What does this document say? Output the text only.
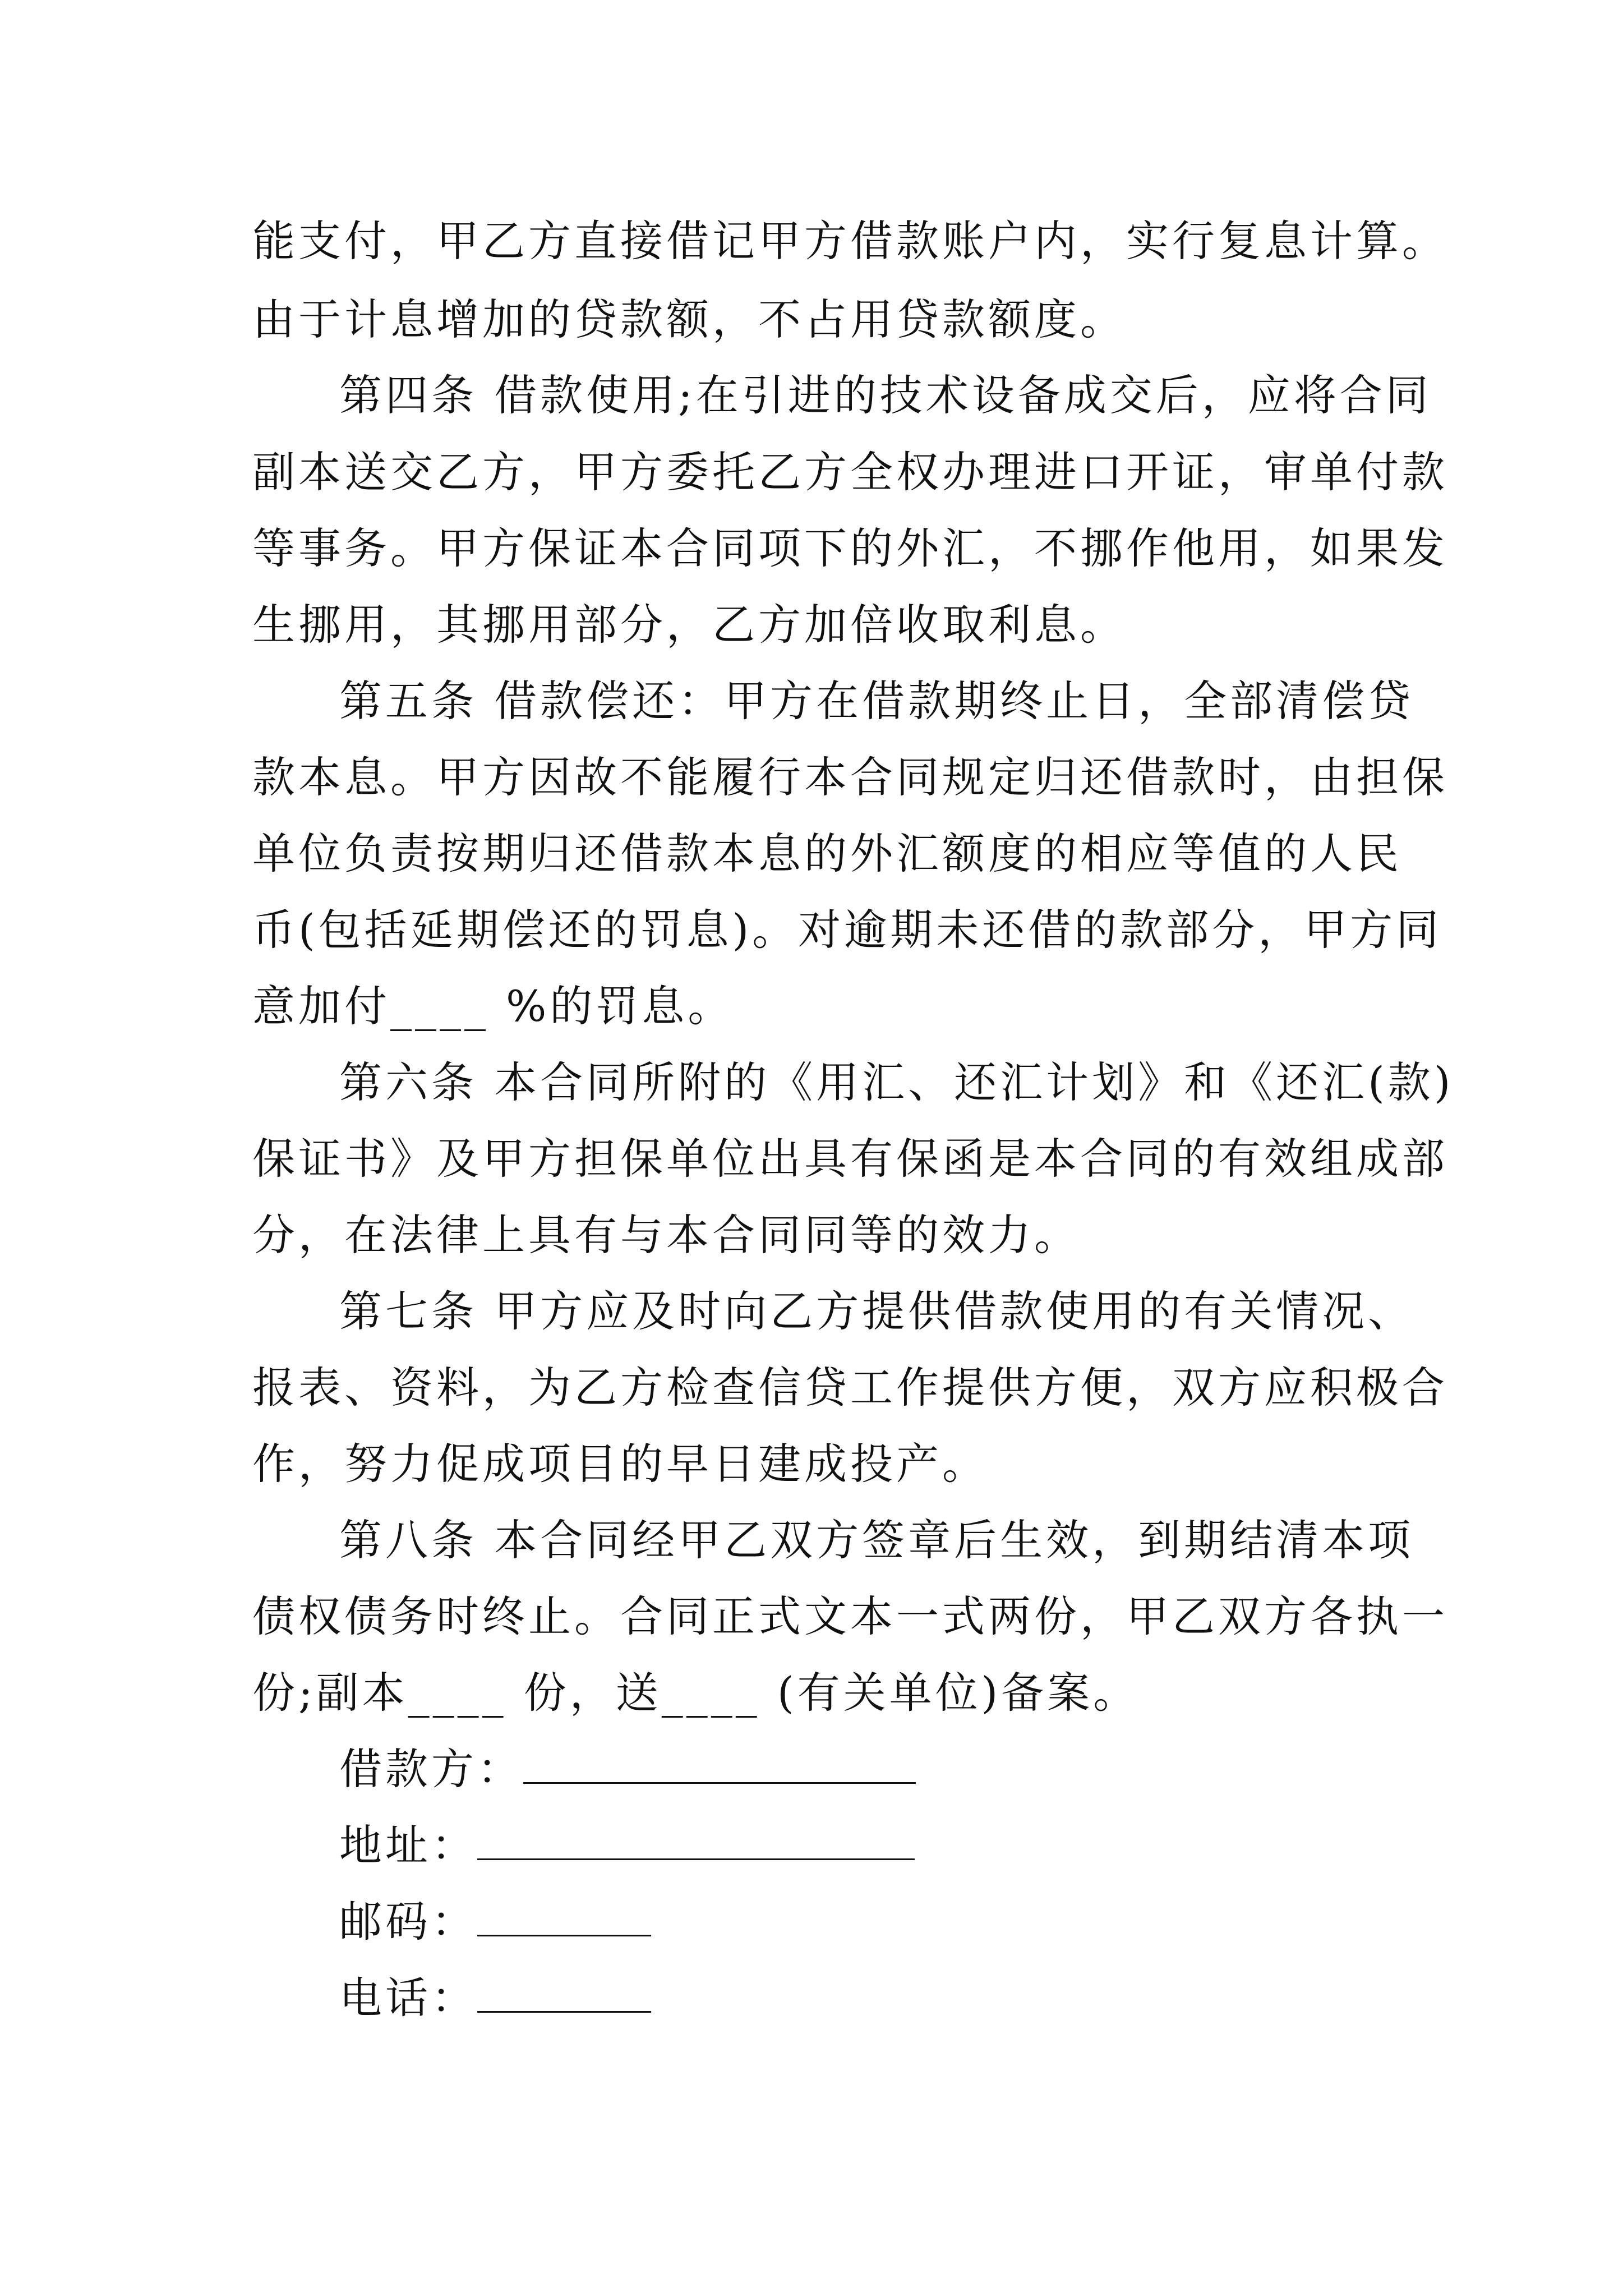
能支付，甲乙方直接借记甲方借款账户内，实行复息计算。
由于计息增加的贷款额，不占用贷款额度。
第四条 借款使用;在引进的技术设备成交后，应将合同
副本送交乙方，甲方委托乙方全权办理进口开证，审单付款
等事务。甲方保证本合同项下的外汇，不挪作他用，如果发
生挪用，其挪用部分，乙方加倍收取利息。
第五条 借款偿还：甲方在借款期终止日，全部清偿贷
款本息。甲方因故不能履行本合同规定归还借款时，由担保
单位负责按期归还借款本息的外汇额度的相应等值的人民
币(包括延期偿还的罚息)。对逾期未还借的款部分，甲方同
意加付____ %的罚息。
第六条 本合同所附的《用汇、还汇计划》和《还汇(款)
保证书》及甲方担保单位出具有保函是本合同的有效组成部
分，在法律上具有与本合同同等的效力。
第七条 甲方应及时向乙方提供借款使用的有关情况、
报表、资料，为乙方检查信贷工作提供方便，双方应积极合
作，努力促成项目的早日建成投产。
第八条 本合同经甲乙双方签章后生效，到期结清本项
债权债务时终止。合同正式文本一式两份，甲乙双方各执一
份;副本____ 份，送____ (有关单位)备案。
借款方：
地址：
邮码：
电话：
